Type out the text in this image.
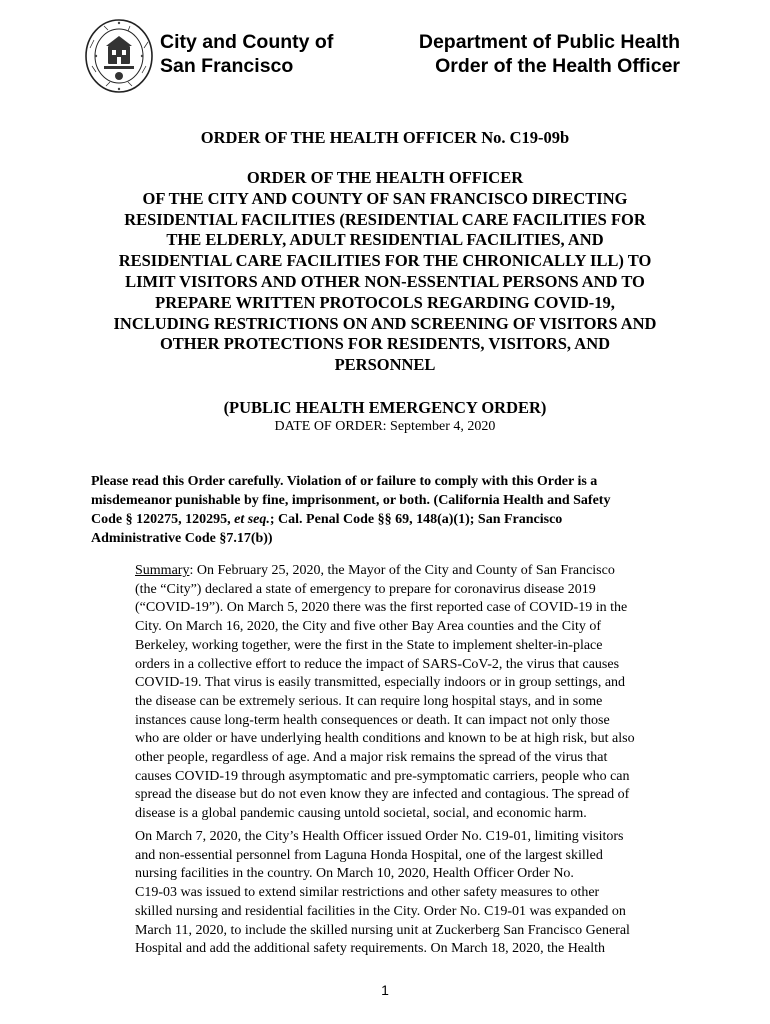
City and County of
San Francisco
Department of Public Health
Order of the Health Officer
ORDER OF THE HEALTH OFFICER No. C19-09b
ORDER OF THE HEALTH OFFICER
OF THE CITY AND COUNTY OF SAN FRANCISCO DIRECTING
RESIDENTIAL FACILITIES (RESIDENTIAL CARE FACILITIES FOR
THE ELDERLY, ADULT RESIDENTIAL FACILITIES, AND
RESIDENTIAL CARE FACILITIES FOR THE CHRONICALLY ILL) TO
LIMIT VISITORS AND OTHER NON-ESSENTIAL PERSONS AND TO
PREPARE WRITTEN PROTOCOLS REGARDING COVID-19,
INCLUDING RESTRICTIONS ON AND SCREENING OF VISITORS AND
OTHER PROTECTIONS FOR RESIDENTS, VISITORS, AND
PERSONNEL
(PUBLIC HEALTH EMERGENCY ORDER)
DATE OF ORDER: September 4, 2020
Please read this Order carefully. Violation of or failure to comply with this Order is a
misdemeanor punishable by fine, imprisonment, or both. (California Health and Safety
Code § 120275, 120295, et seq.; Cal. Penal Code §§ 69, 148(a)(1); San Francisco
Administrative Code §7.17(b))
Summary: On February 25, 2020, the Mayor of the City and County of San Francisco
(the “City”) declared a state of emergency to prepare for coronavirus disease 2019
(“COVID-19”). On March 5, 2020 there was the first reported case of COVID-19 in the
City. On March 16, 2020, the City and five other Bay Area counties and the City of
Berkeley, working together, were the first in the State to implement shelter-in-place
orders in a collective effort to reduce the impact of SARS-CoV-2, the virus that causes
COVID-19. That virus is easily transmitted, especially indoors or in group settings, and
the disease can be extremely serious. It can require long hospital stays, and in some
instances cause long-term health consequences or death. It can impact not only those
who are older or have underlying health conditions and known to be at high risk, but also
other people, regardless of age. And a major risk remains the spread of the virus that
causes COVID-19 through asymptomatic and pre-symptomatic carriers, people who can
spread the disease but do not even know they are infected and contagious. The spread of
disease is a global pandemic causing untold societal, social, and economic harm.
On March 7, 2020, the City’s Health Officer issued Order No. C19-01, limiting visitors
and non-essential personnel from Laguna Honda Hospital, one of the largest skilled
nursing facilities in the country. On March 10, 2020, Health Officer Order No.
C19-03 was issued to extend similar restrictions and other safety measures to other
skilled nursing and residential facilities in the City. Order No. C19-01 was expanded on
March 11, 2020, to include the skilled nursing unit at Zuckerberg San Francisco General
Hospital and add the additional safety requirements. On March 18, 2020, the Health
1
